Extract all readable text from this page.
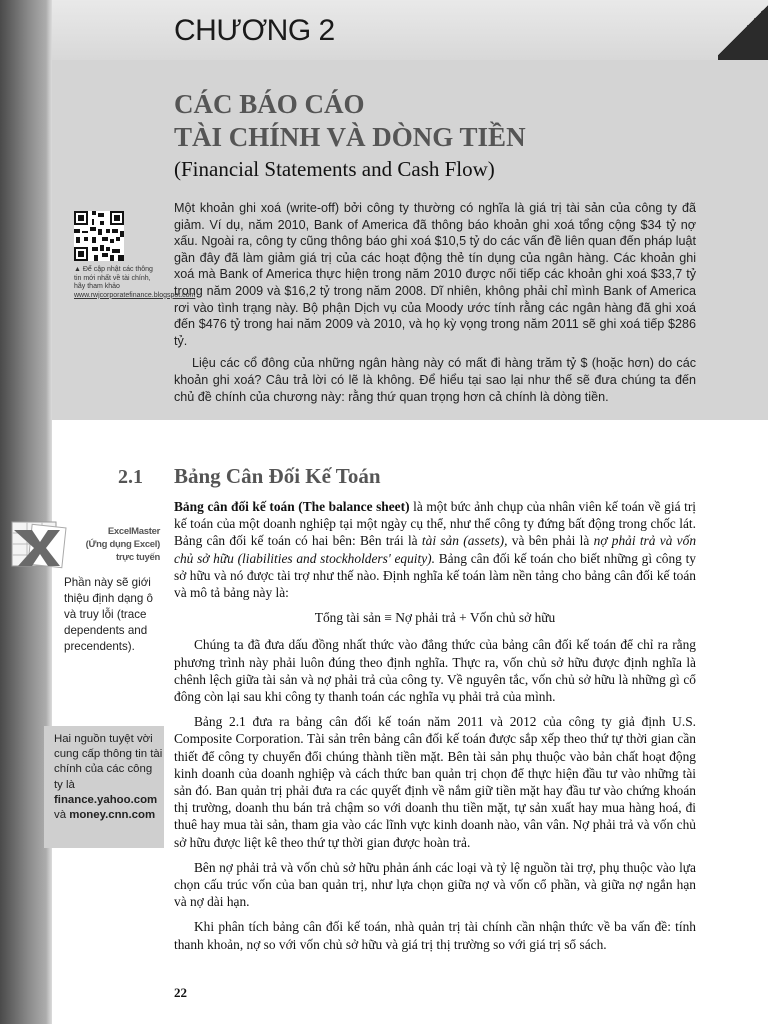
CHƯƠNG 2
CÁC BÁO CÁO
TÀI CHÍNH VÀ DÒNG TIỀN
(Financial Statements and Cash Flow)
▲ Để cập nhật các thông tin mới nhất về tài chính, hãy tham khảo www.rwjcorporatefinance.blogspot.com

Một khoản ghi xoá (write-off) bởi công ty thường có nghĩa là giá trị tài sản của công ty đã giảm. Ví dụ, năm 2010, Bank of America đã thông báo khoản ghi xoá tổng cộng $34 tỷ nợ xấu. Ngoài ra, công ty cũng thông báo ghi xoá $10,5 tỷ do các vấn đề liên quan đến pháp luật gần đây đã làm giảm giá trị của các hoạt động thẻ tín dụng của ngân hàng. Các khoản ghi xoá mà Bank of America thực hiện trong năm 2010 được nối tiếp các khoản ghi xoá $33,7 tỷ trong năm 2009 và $16,2 tỷ trong năm 2008. Dĩ nhiên, không phải chỉ mình Bank of America rơi vào tình trạng này. Bộ phận Dịch vụ của Moody ước tính rằng các ngân hàng đã ghi xoá đến $476 tỷ trong hai năm 2009 và 2010, và họ kỳ vọng trong năm 2011 sẽ ghi xoá tiếp $286 tỷ.

Liệu các cổ đông của những ngân hàng này có mất đi hàng trăm tỷ $ (hoặc hơn) do các khoản ghi xoá? Câu trả lời có lẽ là không. Để hiểu tại sao lại như thế sẽ đưa chúng ta đến chủ đề chính của chương này: rằng thứ quan trọng hơn cả chính là dòng tiền.

2.1 Bảng Cân Đối Kế Toán

Bảng cân đối kế toán (The balance sheet) là một bức ảnh chụp của nhân viên kế toán về giá trị kế toán của một doanh nghiệp tại một ngày cụ thể, như thể công ty đứng bất động trong chốc lát. Bảng cân đối kế toán có hai bên: Bên trái là tài sản (assets), và bên phải là nợ phải trả và vốn chủ sở hữu (liabilities and stockholders' equity). Bảng cân đối kế toán cho biết những gì công ty sở hữu và nó được tài trợ như thế nào. Định nghĩa kế toán làm nền tảng cho bảng cân đối kế toán và mô tả bảng này là:

Tổng tài sản ≡ Nợ phải trả + Vốn chủ sở hữu

Chúng ta đã đưa dấu đồng nhất thức vào đẳng thức của bảng cân đối kế toán để chỉ ra rằng phương trình này phải luôn đúng theo định nghĩa. Thực ra, vốn chủ sở hữu được định nghĩa là chênh lệch giữa tài sản và nợ phải trả của công ty. Về nguyên tắc, vốn chủ sở hữu là những gì cổ đông còn lại sau khi công ty thanh toán các nghĩa vụ phải trả của mình.

Bảng 2.1 đưa ra bảng cân đối kế toán năm 2011 và 2012 của công ty giả định U.S. Composite Corporation. Tài sản trên bảng cân đối kế toán được sắp xếp theo thứ tự thời gian cần thiết để công ty chuyển đổi chúng thành tiền mặt. Bên tài sản phụ thuộc vào bản chất hoạt động kinh doanh của doanh nghiệp và cách thức ban quản trị chọn để thực hiện đầu tư vào những tài sản đó. Ban quản trị phải đưa ra các quyết định về nắm giữ tiền mặt hay đầu tư vào chứng khoán thị trường, doanh thu bán trả chậm so với doanh thu tiền mặt, tự sản xuất hay mua hàng hoá, đi thuê hay mua tài sản, tham gia vào các lĩnh vực kinh doanh nào, vân vân. Nợ phải trả và vốn chủ sở hữu được liệt kê theo thứ tự thời gian được hoàn trả.

Bên nợ phải trả và vốn chủ sở hữu phản ánh các loại và tỷ lệ nguồn tài trợ, phụ thuộc vào lựa chọn cấu trúc vốn của ban quản trị, như lựa chọn giữa nợ và vốn cổ phần, và giữa nợ ngắn hạn và nợ dài hạn.

Khi phân tích bảng cân đối kế toán, nhà quản trị tài chính cần nhận thức về ba vấn đề: tính thanh khoản, nợ so với vốn chủ sở hữu và giá trị thị trường so với giá trị sổ sách.

ExcelMaster
(Ứng dụng Excel)
trực tuyến
Phần này sẽ giới thiệu định dạng ô và truy lỗi (trace dependents and precendents).
Hai nguồn tuyệt vời cung cấp thông tin tài chính của các công ty là finance.yahoo.com và money.cnn.com
22
